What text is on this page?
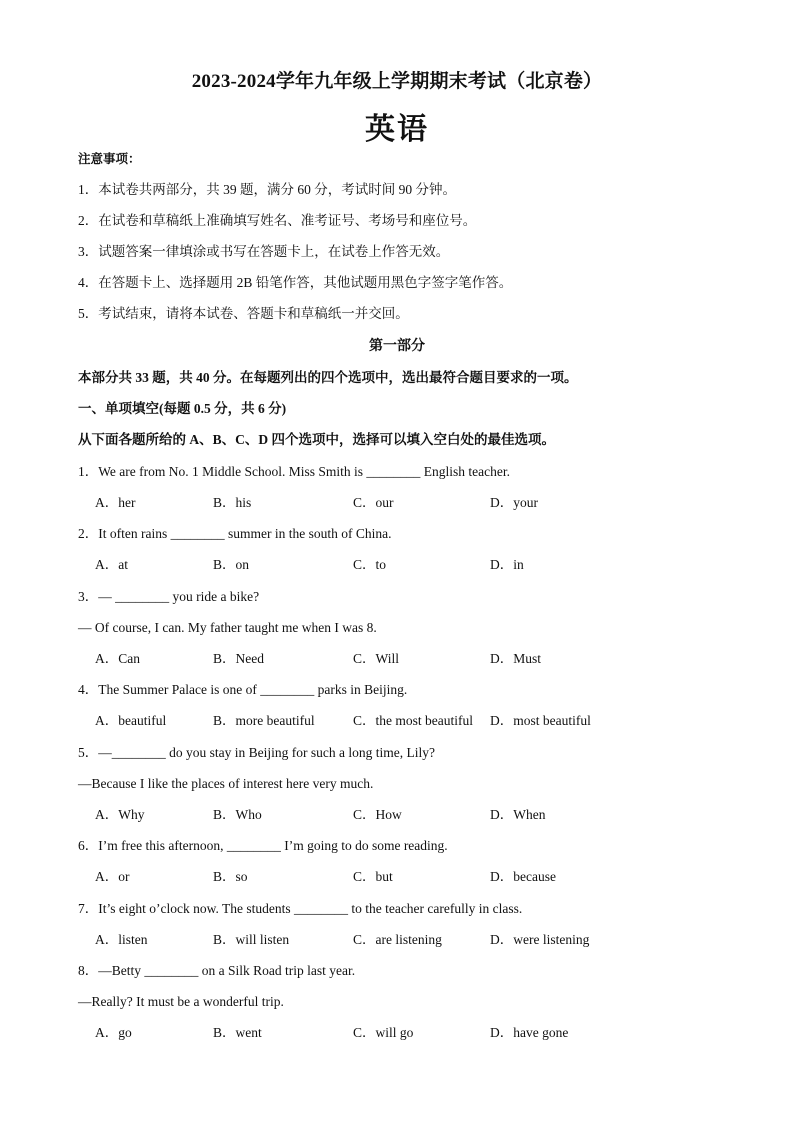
2023-2024学年九年级上学期期末考试（北京卷）
英语
注意事项：
1．本试卷共两部分，共 39 题，满分 60 分，考试时间 90 分钟。
2．在试卷和草稿纸上准确填写姓名、准考证号、考场号和座位号。
3．试题答案一律填涂或书写在答题卡上，在试卷上作答无效。
4．在答题卡上、选择题用 2B 铅笔作答，其他试题用黑色字签字笔作答。
5．考试结束，请将本试卷、答题卡和草稿纸一并交回。
第一部分
本部分共 33 题，共 40 分。在每题列出的四个选项中，选出最符合题目要求的一项。
一、单项填空(每题 0.5 分，共 6 分)
从下面各题所给的 A、B、C、D 四个选项中，选择可以填入空白处的最佳选项。
1．We are from No. 1 Middle School. Miss Smith is ________ English teacher.
A．her	B．his	C．our	D．your
2．It often rains ________ summer in the south of China.
A．at	B．on	C．to	D．in
3．— ________ you ride a bike?
— Of course, I can. My father taught me when I was 8.
A．Can	B．Need	C．Will	D．Must
4．The Summer Palace is one of ________ parks in Beijing.
A．beautiful	B．more beautiful	C．the most beautiful D．most beautiful
5．—________ do you stay in Beijing for such a long time, Lily?
—Because I like the places of interest here very much.
A．Why	B．Who	C．How	D．When
6．I’m free this afternoon, ________ I’m going to do some reading.
A．or	B．so	C．but	D．because
7．It’s eight o’clock now. The students ________ to the teacher carefully in class.
A．listen	B．will listen	C．are listening	D．were listening
8．—Betty ________ on a Silk Road trip last year.
—Really? It must be a wonderful trip.
A．go	B．went	C．will go	D．have gone
